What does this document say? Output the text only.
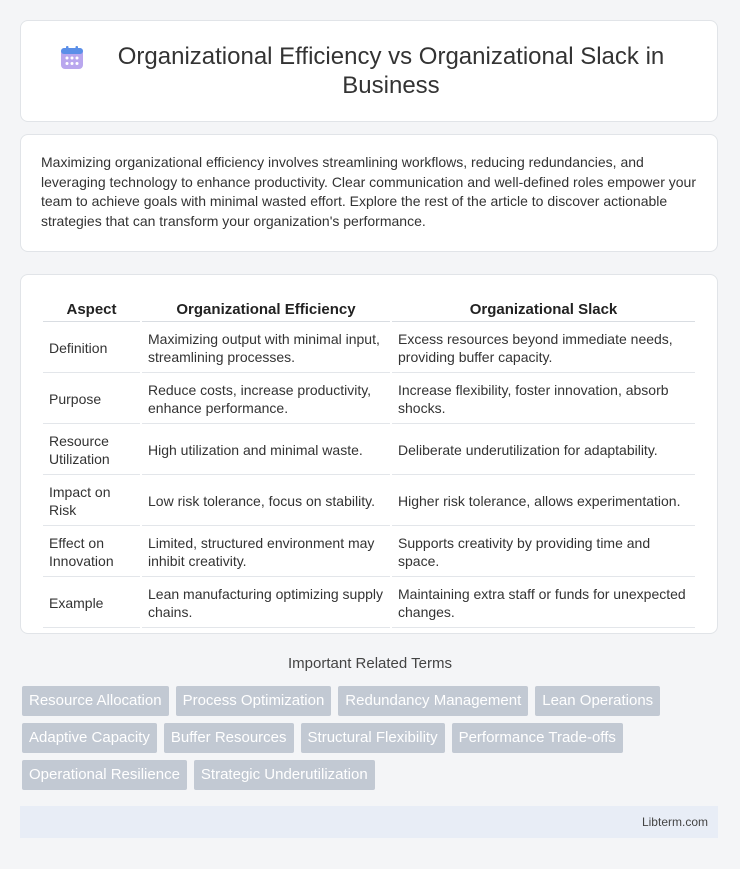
Organizational Efficiency vs Organizational Slack in Business

Maximizing organizational efficiency involves streamlining workflows, reducing redundancies, and leveraging technology to enhance productivity. Clear communication and well-defined roles empower your team to achieve goals with minimal wasted effort. Explore the rest of the article to discover actionable strategies that can transform your organization's performance.

Aspect	Organizational Efficiency	Organizational Slack
Definition	Maximizing output with minimal input, streamlining processes.	Excess resources beyond immediate needs, providing buffer capacity.
Purpose	Reduce costs, increase productivity, enhance performance.	Increase flexibility, foster innovation, absorb shocks.
Resource Utilization	High utilization and minimal waste.	Deliberate underutilization for adaptability.
Impact on Risk	Low risk tolerance, focus on stability.	Higher risk tolerance, allows experimentation.
Effect on Innovation	Limited, structured environment may inhibit creativity.	Supports creativity by providing time and space.
Example	Lean manufacturing optimizing supply chains.	Maintaining extra staff or funds for unexpected changes.
Important Related Terms
Resource Allocation	Process Optimization	Redundancy Management	Lean Operations
Adaptive Capacity	Buffer Resources	Structural Flexibility	Performance Trade-offs
Operational Resilience	Strategic Underutilization
Libterm.com
